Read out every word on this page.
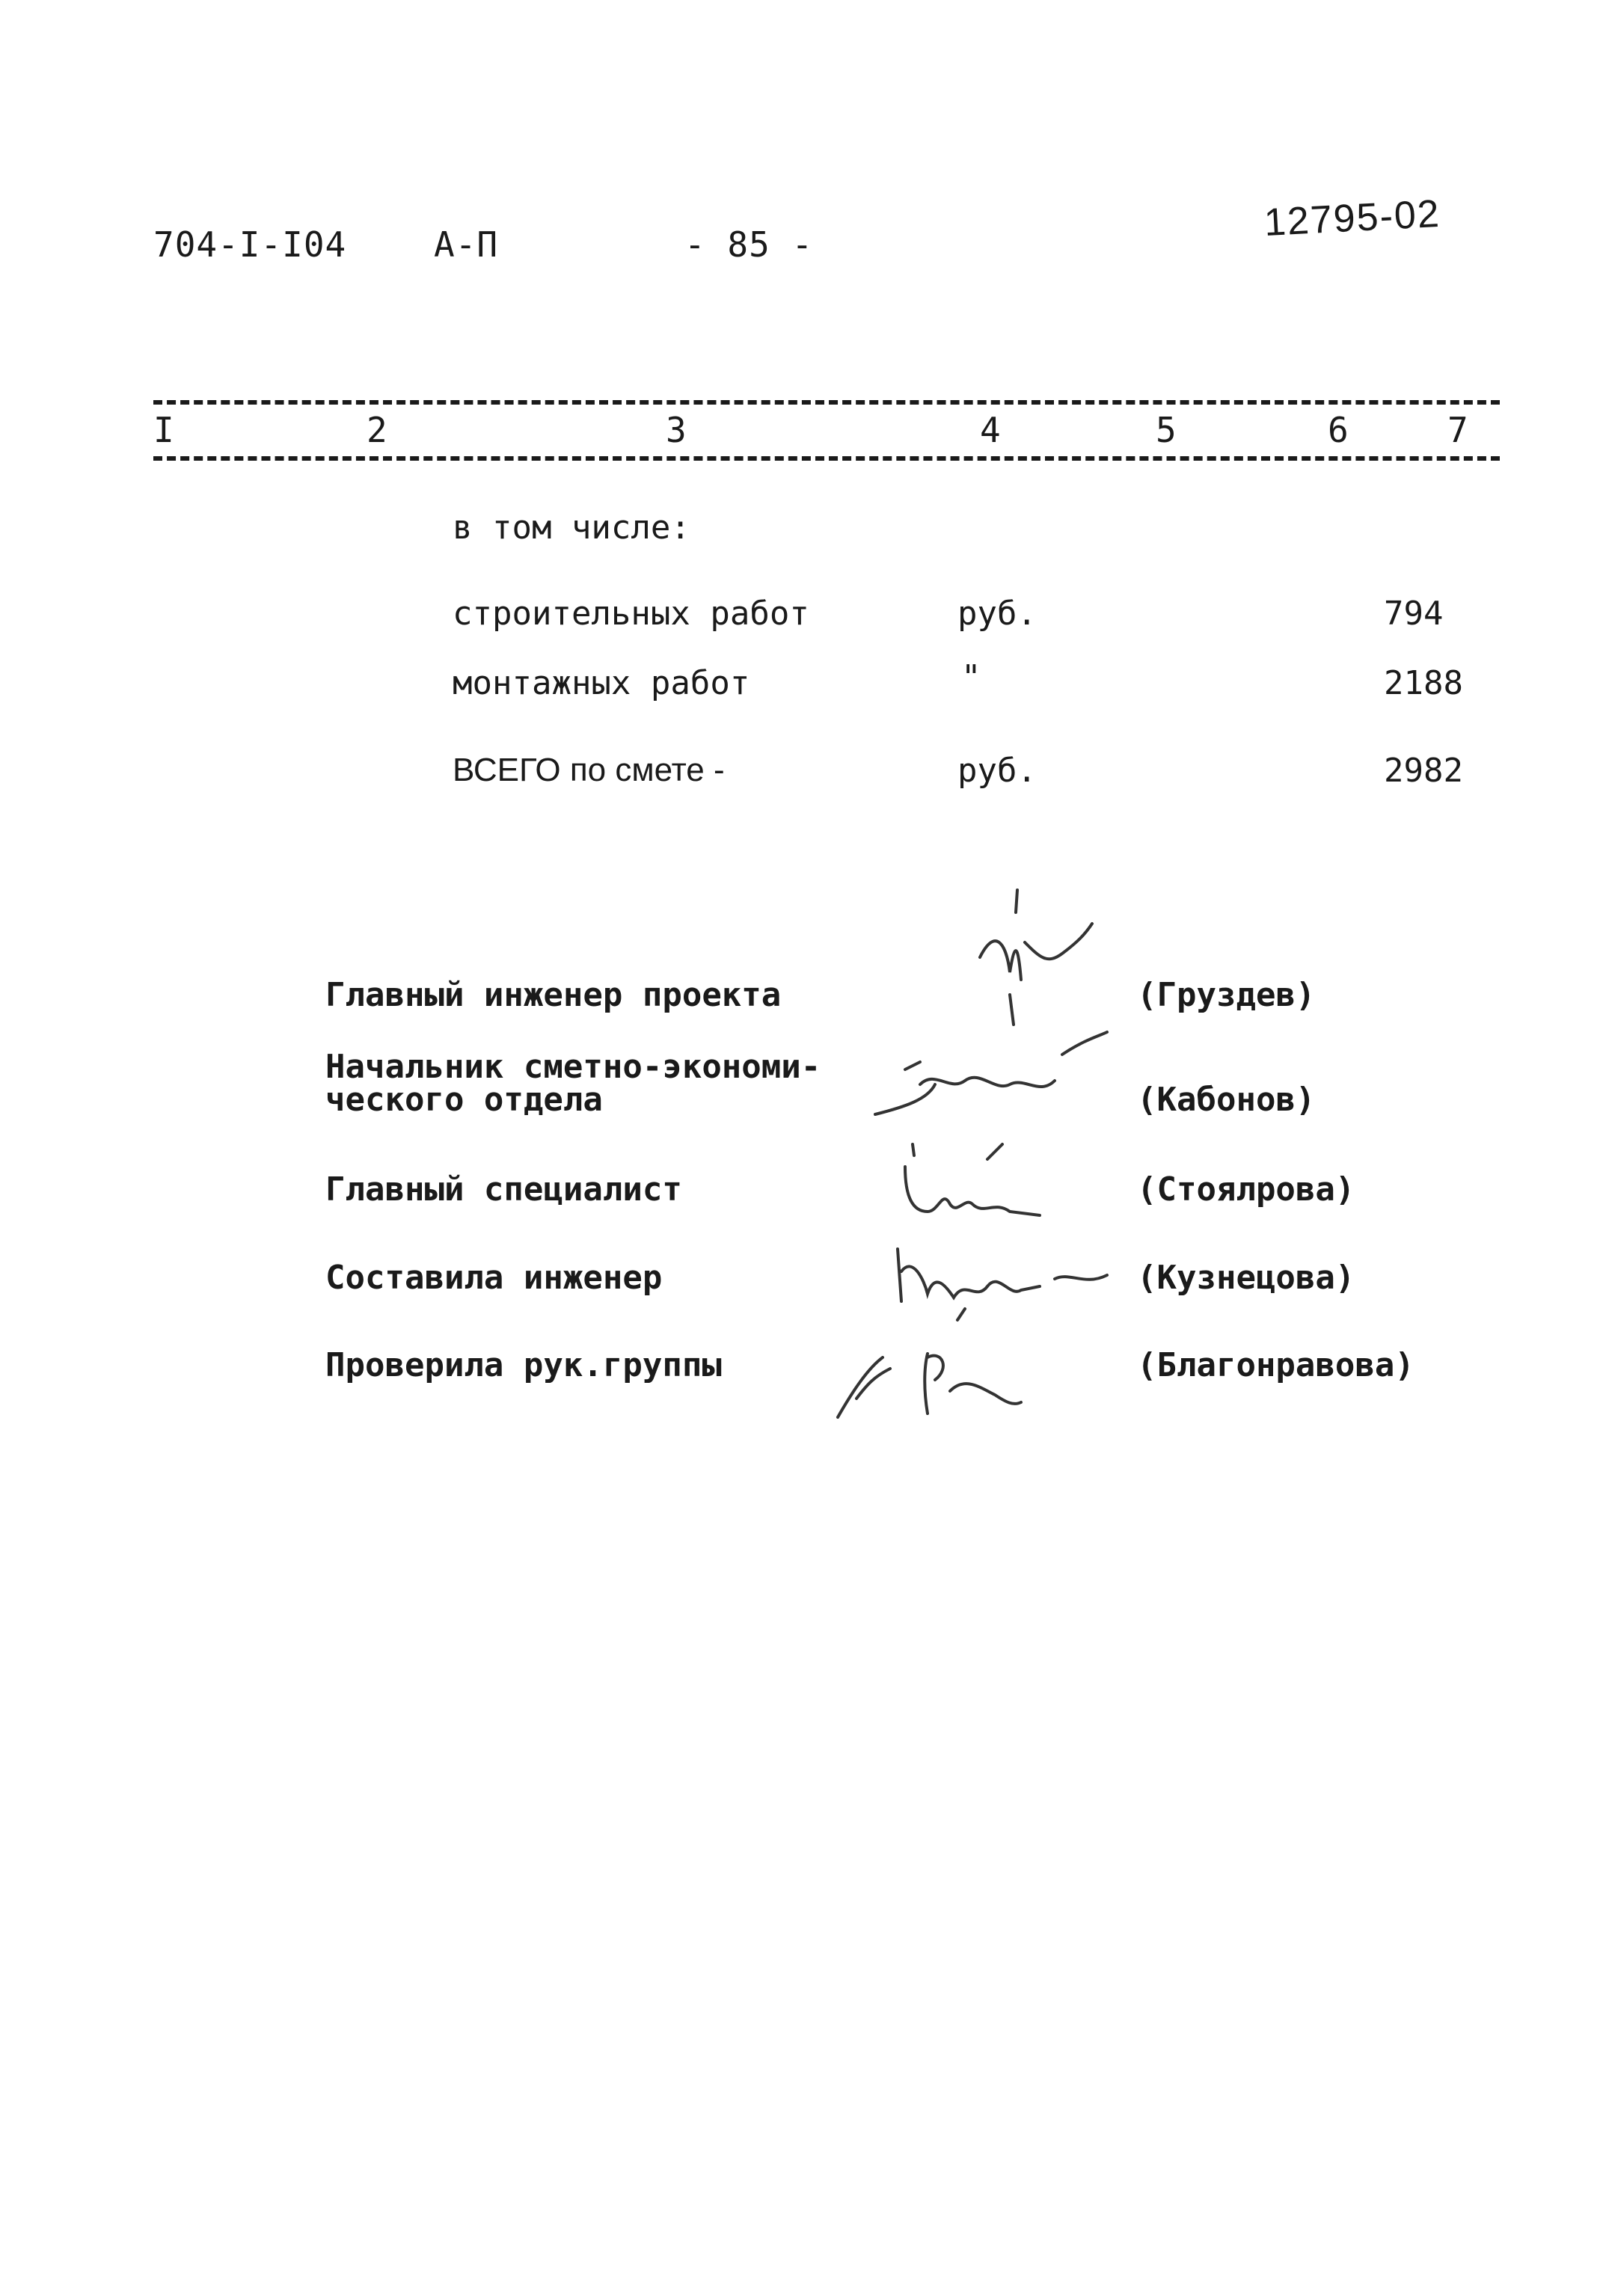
704-I-I04	А-П	- 85 -	12795-02
I	2	3	4	5	6	7
в том числе:
строительных работ	руб.	794
монтажных работ	"	2188
ВСЕГО по смете -	руб.	2982
Главный инженер проекта	(Груздев)
Начальник сметно-экономи-
ческого отдела	(Кабонов)
Главный специалист	(Стоялрова)
Составила инженер	(Кузнецова)
Проверила рук.группы	(Благонравова)
